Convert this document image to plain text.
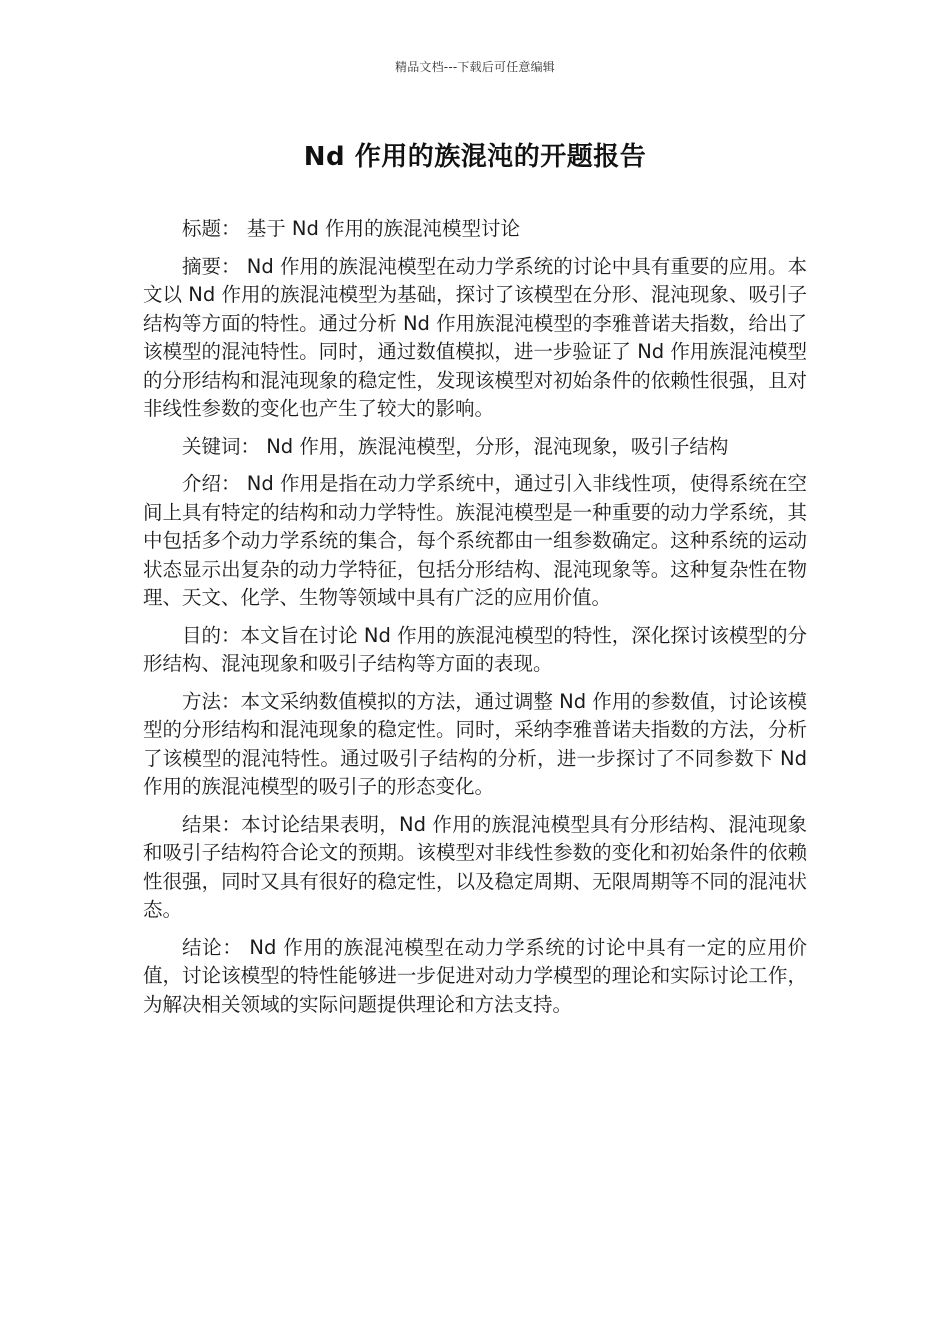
精品文档---下载后可任意编辑
Nd 作用的族混沌的开题报告

标题： 基于 Nd 作用的族混沌模型讨论

摘要： Nd 作用的族混沌模型在动力学系统的讨论中具有重要的应用。本文以 Nd 作用的族混沌模型为基础，探讨了该模型在分形、混沌现象、吸引子结构等方面的特性。通过分析 Nd 作用族混沌模型的李雅普诺夫指数，给出了该模型的混沌特性。同时，通过数值模拟，进一步验证了 Nd 作用族混沌模型的分形结构和混沌现象的稳定性，发现该模型对初始条件的依赖性很强，且对非线性参数的变化也产生了较大的影响。

关键词： Nd 作用，族混沌模型，分形，混沌现象，吸引子结构

介绍： Nd 作用是指在动力学系统中，通过引入非线性项，使得系统在空间上具有特定的结构和动力学特性。族混沌模型是一种重要的动力学系统，其中包括多个动力学系统的集合，每个系统都由一组参数确定。这种系统的运动状态显示出复杂的动力学特征，包括分形结构、混沌现象等。这种复杂性在物理、天文、化学、生物等领域中具有广泛的应用价值。

目的：本文旨在讨论 Nd 作用的族混沌模型的特性，深化探讨该模型的分形结构、混沌现象和吸引子结构等方面的表现。

方法：本文采纳数值模拟的方法，通过调整 Nd 作用的参数值，讨论该模型的分形结构和混沌现象的稳定性。同时，采纳李雅普诺夫指数的方法，分析了该模型的混沌特性。通过吸引子结构的分析，进一步探讨了不同参数下 Nd 作用的族混沌模型的吸引子的形态变化。

结果：本讨论结果表明，Nd 作用的族混沌模型具有分形结构、混沌现象和吸引子结构符合论文的预期。该模型对非线性参数的变化和初始条件的依赖性很强，同时又具有很好的稳定性，以及稳定周期、无限周期等不同的混沌状态。

结论： Nd 作用的族混沌模型在动力学系统的讨论中具有一定的应用价值，讨论该模型的特性能够进一步促进对动力学模型的理论和实际讨论工作，为解决相关领域的实际问题提供理论和方法支持。
